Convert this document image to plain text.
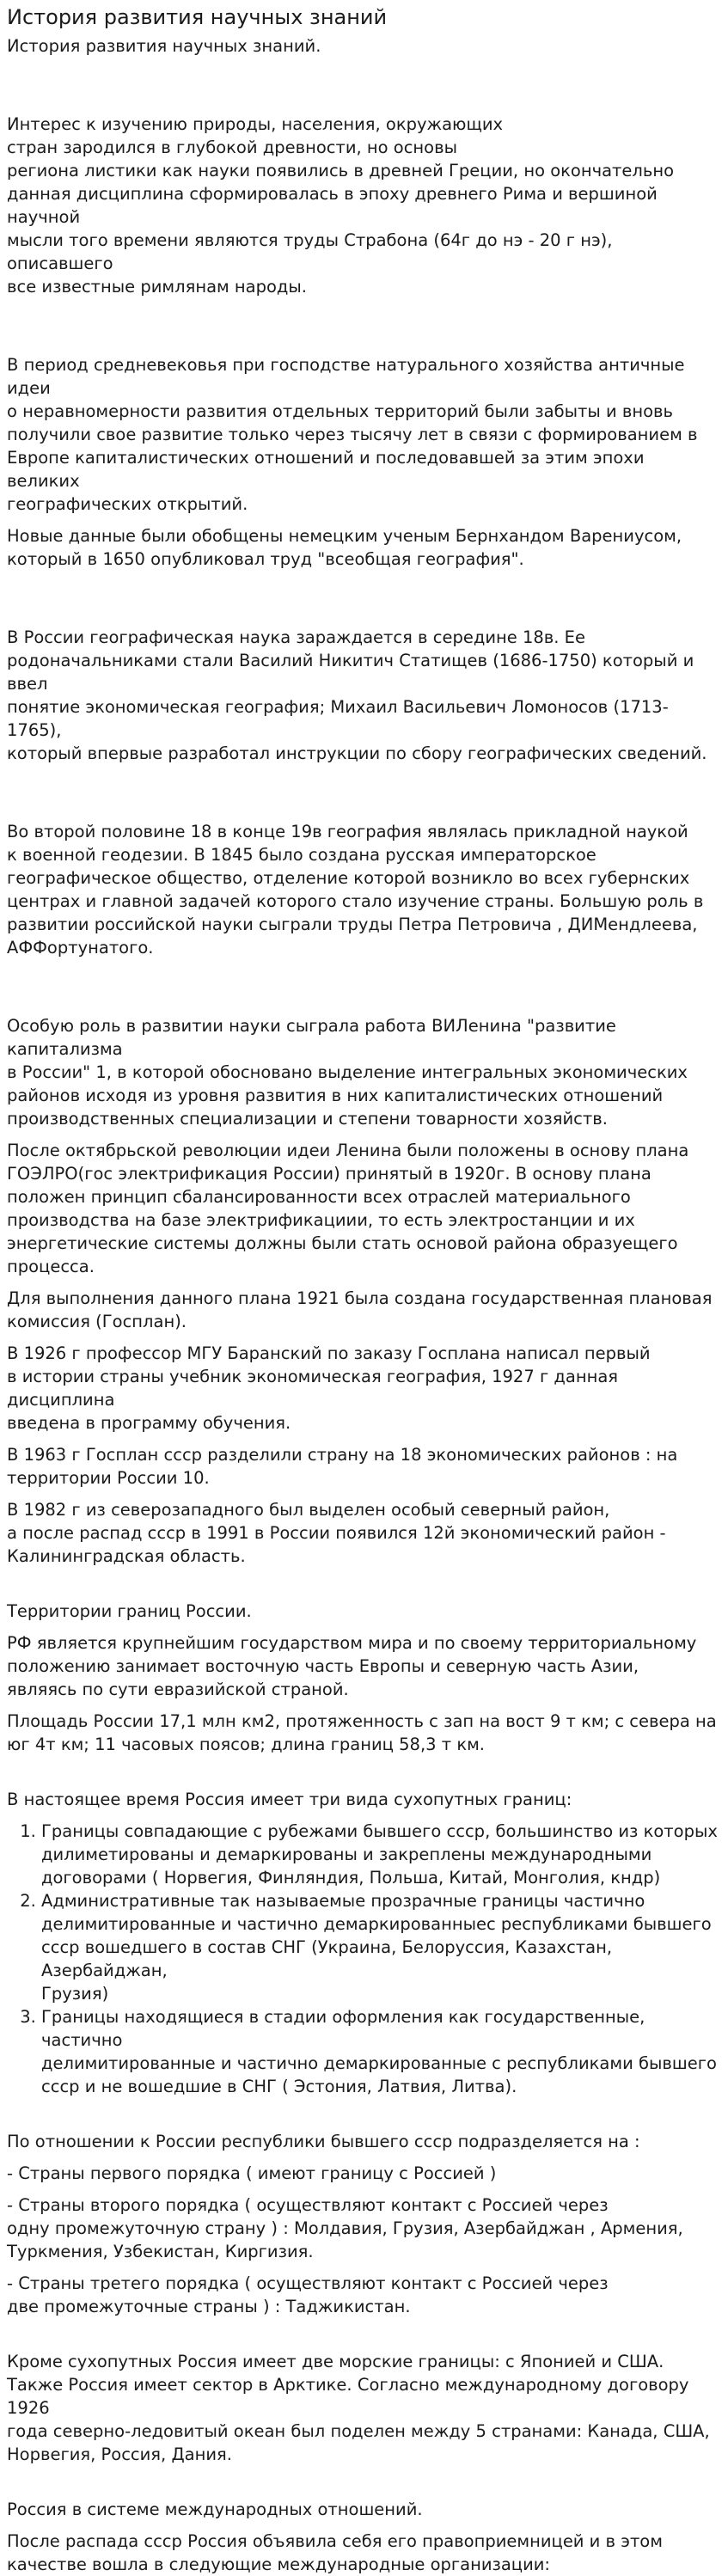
История развития научных знаний

История развития научных знаний.

Интерес к изучению природы, населения, окружающих
стран зародился в глубокой древности, но основы
региона листики как науки появились в древней Греции, но окончательно
данная дисциплина сформировалась в эпоху древнего Рима и вершиной научной
мысли того времени являются труды Страбона (64г до нэ - 20 г нэ), описавшего
все известные римлянам народы.

В период средневековья при господстве натурального хозяйства античные идеи
о неравномерности развития отдельных территорий были забыты и вновь
получили свое развитие только через тысячу лет в связи с формированием в
Европе капиталистических отношений и последовавшей за этим эпохи великих
географических открытий.

Новые данные были обобщены немецким ученым Бернхандом Варениусом,
который в 1650 опубликовал труд "всеобщая география".

В России географическая наука зараждается в середине 18в. Ее
родоначальниками стали Василий Никитич Статищев (1686-1750) который и ввел
понятие экономическая география; Михаил Васильевич Ломоносов (1713-1765),
который впервые разработал инструкции по сбору географических сведений.

Во второй половине 18 в конце 19в география являлась прикладной наукой
к военной геодезии. В 1845 было создана русская императорское
географическое общество, отделение которой возникло во всех губернских
центрах и главной задачей которого стало изучение страны. Большую роль в
развитии российской науки сыграли труды Петра Петровича , ДИМендлеева,
АФФортунатого.

Особую роль в развитии науки сыграла работа ВИЛенина "развитие капитализма
в России" 1, в которой обосновано выделение интегральных экономических
районов исходя из уровня развития в них капиталистических отношений
производственных специализации и степени товарности хозяйств.

После октябрьской революции идеи Ленина были положены в основу плана
ГОЭЛРО(гос электрификация России) принятый в 1920г. В основу плана
положен принцип сбалансированности всех отраслей материального
производства на базе электрификациии, то есть электростанции и их
энергетические системы должны были стать основой района образуещего
процесса.

Для выполнения данного плана 1921 была создана государственная плановая
комиссия (Госплан).

В 1926 г профессор МГУ Баранский по заказу Госплана написал первый
в истории страны учебник экономическая география, 1927 г данная дисциплина
введена в программу обучения.

В 1963 г Госплан ссср разделили страну на 18 экономических районов : на
территории России 10.

В 1982 г из северозападного был выделен особый северный район,
а после распад ссср в 1991 в России появился 12й экономический район -
Калининградская область.

Территории границ России.

РФ является крупнейшим государством мира и по своему территориальному
положению занимает восточную часть Европы и северную часть Азии,
являясь по сути евразийской страной.

Площадь России 17,1 млн км2, протяженность с зап на вост 9 т км; с севера на
юг 4т км; 11 часовых поясов; длина границ 58,3 т км.

В настоящее время Россия имеет три вида сухопутных границ:

1. Границы совпадающие с рубежами бывшего ссср, большинство из которых
дилиметированы и демаркированы и закреплены международными
договорами ( Норвегия, Финляндия, Польша, Китай, Монголия, кндр)
2. Административные так называемые прозрачные границы частично
делимитированные и частично демаркированныес республиками бывшего
ссср вошедшего в состав СНГ (Украина, Белоруссия, Казахстан, Азербайджан,
Грузия)
3. Границы находящиеся в стадии оформления как государственные, частично
делимитированные и частично демаркированные с республиками бывшего
ссср и не вошедшие в СНГ ( Эстония, Латвия, Литва).

По отношении к России республики бывшего ссср подразделяется на :

- Страны первого порядка ( имеют границу с Россией )

- Страны второго порядка ( осуществляют контакт с Россией через
одну промежуточную страну ) : Молдавия, Грузия, Азербайджан , Армения,
Туркмения, Узбекистан, Киргизия.

- Страны третего порядка ( осуществляют контакт с Россией через
две промежуточные страны ) : Таджикистан.

Кроме сухопутных Россия имеет две морские границы: с Японией и США.
Также Россия имеет сектор в Арктике. Согласно международному договору 1926
года северно-ледовитый океан был поделен между 5 странами: Канада, США,
Норвегия, Россия, Дания.

Россия в системе международных отношений.

После распада ссср Россия объявила себя его правоприемницей и в этом
качестве вошла в следующие международные организации:
